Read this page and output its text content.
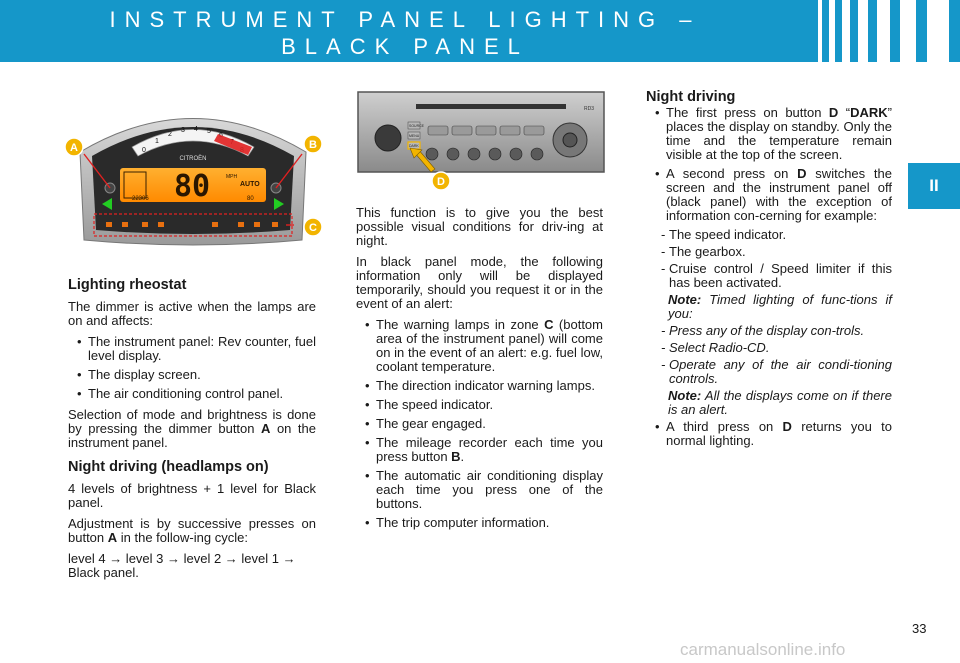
INSTRUMENT PANEL LIGHTING –
BLACK PANEL
II
0
1
2
3 4 5
CITROËN
80	MPH
AUTO
22306	80
A	B
C
RD3
SOURCE
MENU
DARK
D
Lighting rheostat

The dimmer is active when the lamps are on and affects:

• The instrument panel: Rev counter, fuel level display.
• The display screen.
• The air conditioning control panel.

Selection of mode and brightness is done by pressing the dimmer button A on the instrument panel.

Night driving (headlamps on)

4 levels of brightness + 1 level for Black panel.

Adjustment is by successive presses on button A in the follow-ing cycle:

level 4 → level 3 → level 2 → level 1 → Black panel.

This function is to give you the best possible visual conditions for driv-ing at night.

In black panel mode, the following information only will be displayed temporarily, should you request it or in the event of an alert:

• The warning lamps in zone C (bottom area of the instrument panel) will come on in the event of an alert: e.g. fuel low, coolant temperature.
• The direction indicator warning lamps.
• The speed indicator.
• The gear engaged.
• The mileage recorder each time you press button B.
• The automatic air conditioning display each time you press one of the buttons.
• The trip computer information.
Night driving
• The first press on button D “DARK” places the display on standby. Only the time and the temperature remain visible at the top of the screen.
• A second press on D switches the screen and the instrument panel off (black panel) with the exception of information con-cerning for example:
- The speed indicator.
- The gearbox.
- Cruise control / Speed limiter if this has been activated.
Note: Timed lighting of func-tions if you:
- Press any of the display con-trols.
- Select Radio-CD.
- Operate any of the air condi-tioning controls.
Note: All the displays come on if there is an alert.
• A third press on D returns you to normal lighting.
33
carmanualsonline.info
